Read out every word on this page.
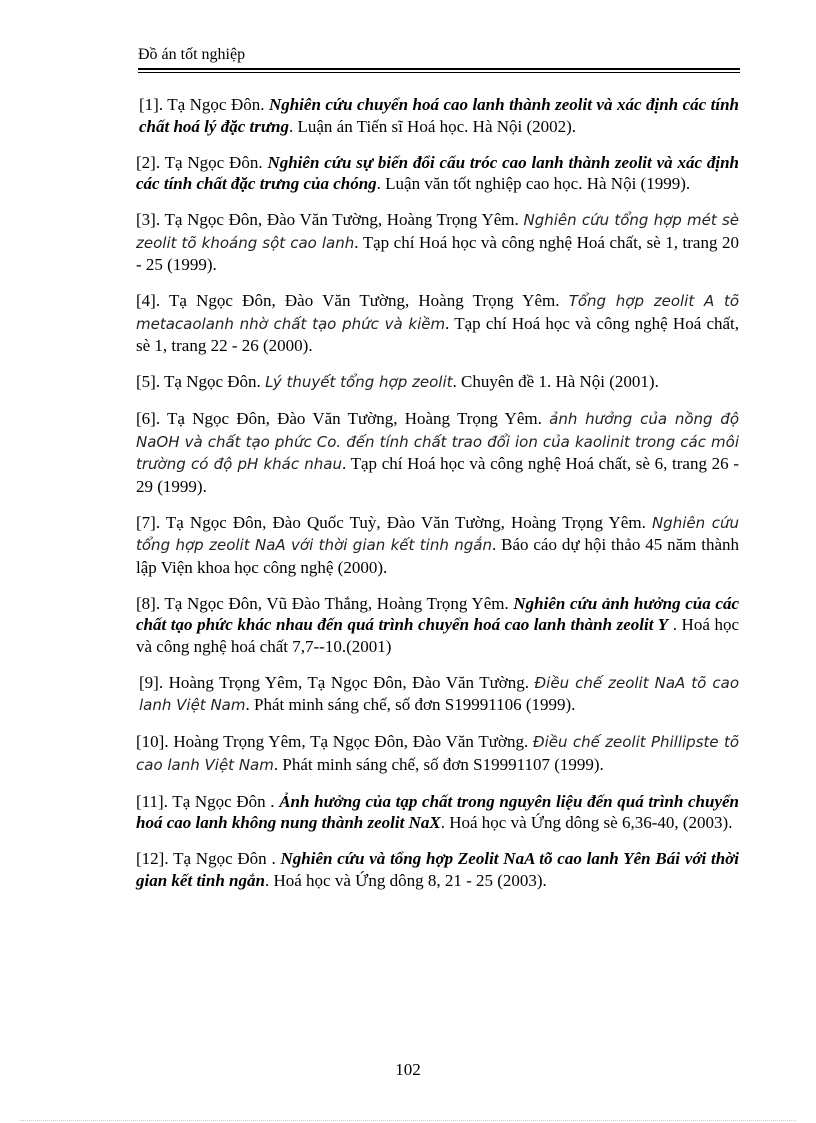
Đồ án tốt nghiệp

[1]. Tạ Ngọc Đôn. Nghiên cứu chuyển hoá cao lanh thành zeolit và xác định các tính chất hoá lý đặc trưng. Luận án Tiến sĩ Hoá học. Hà Nội (2002).

[2]. Tạ Ngọc Đôn. Nghiên cứu sự biến đổi cấu tróc cao lanh thành zeolit và xác định các tính chất đặc trưng của chóng. Luận văn tốt nghiệp cao học. Hà Nội (1999).

[3]. Tạ Ngọc Đôn, Đào Văn Tường, Hoàng Trọng Yêm. Nghiên cứu tổng hợp mét sè zeolit tõ khoáng sột cao lanh. Tạp chí Hoá học và công nghệ Hoá chất, sè 1, trang 20 - 25 (1999).

[4]. Tạ Ngọc Đôn, Đào Văn Tường, Hoàng Trọng Yêm. Tổng hợp zeolit A tõ metacaolanh nhờ chất tạo phức và kiềm. Tạp chí Hoá học và công nghệ Hoá chất, sè 1, trang 22 - 26 (2000).

[5]. Tạ Ngọc Đôn. Lý thuyết tổng hợp zeolit. Chuyên đề 1. Hà Nội (2001).

[6]. Tạ Ngọc Đôn, Đào Văn Tường, Hoàng Trọng Yêm. ảnh hưởng của nồng độ NaOH và chất tạo phức Co. đến tính chất trao đổi ion của kaolinit trong các môi trường có độ pH khác nhau. Tạp chí Hoá học và công nghệ Hoá chất, sè 6, trang 26 - 29 (1999).

[7]. Tạ Ngọc Đôn, Đào Quốc Tuỳ, Đào Văn Tường, Hoàng Trọng Yêm. Nghiên cứu tổng hợp zeolit NaA với thời gian kết tinh ngắn. Báo cáo dự hội thảo 45 năm thành lập Viện khoa học công nghệ (2000).

[8]. Tạ Ngọc Đôn, Vũ Đào Thắng, Hoàng Trọng Yêm. Nghiên cứu ảnh hưởng của các chất tạo phức khác nhau đến quá trình chuyển hoá cao lanh thành zeolit Y . Hoá học và công nghệ hoá chất 7,7--10.(2001)

[9]. Hoàng Trọng Yêm, Tạ Ngọc Đôn, Đào Văn Tường. Điều chế zeolit NaA tõ cao lanh Việt Nam. Phát minh sáng chế, số đơn S19991106 (1999).

[10]. Hoàng Trọng Yêm, Tạ Ngọc Đôn, Đào Văn Tường. Điều chế zeolit Phillipste tõ cao lanh Việt Nam. Phát minh sáng chế, số đơn S19991107 (1999).

[11]. Tạ Ngọc Đôn . Ảnh hưởng của tạp chất trong nguyên liệu đến quá trình chuyển hoá cao lanh không nung thành zeolit NaX. Hoá học và Ứng dông sè 6,36-40, (2003).

[12]. Tạ Ngọc Đôn . Nghiên cứu và tổng hợp Zeolit NaA tõ cao lanh Yên Bái với thời gian kết tinh ngắn. Hoá học và Ứng dông 8, 21 - 25 (2003).

102
